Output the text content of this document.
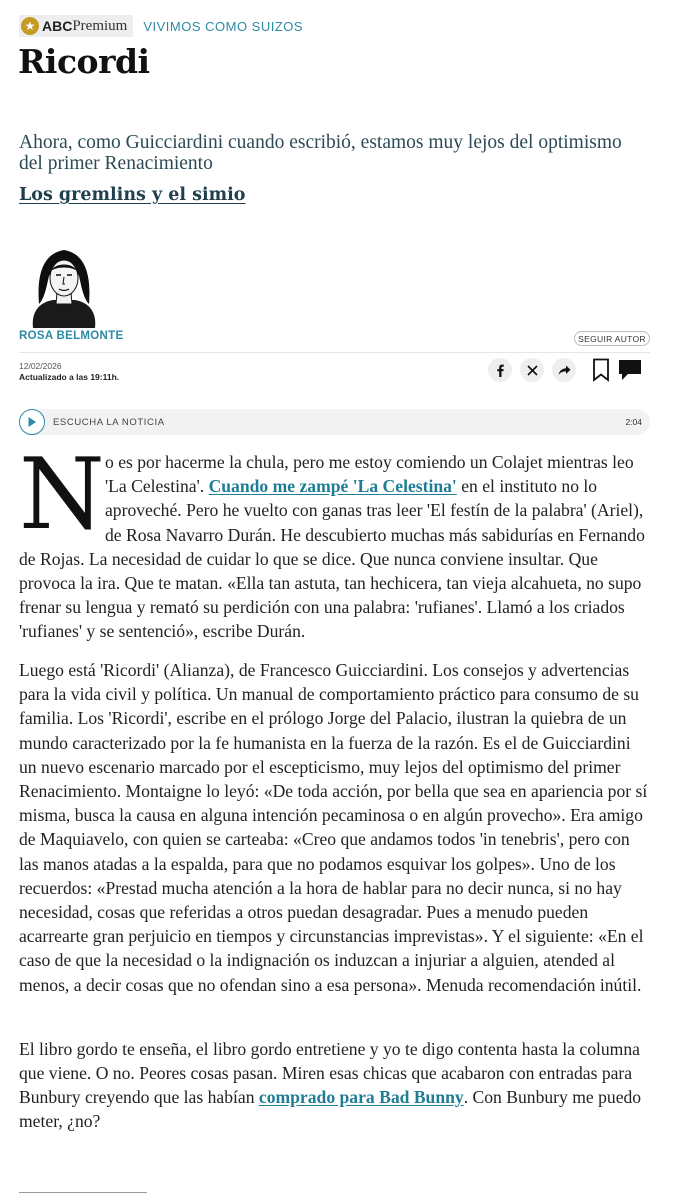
★ ABC Premium VIVIMOS COMO SUIZOS
Ricordi

Ahora, como Guicciardini cuando escribió, estamos muy lejos del optimismo del primer Renacimiento

Los gremlins y el simio
ROSA BELMONTE	SEGUIR AUTOR
12/02/2026
Actualizado a las 19:11h.
ESCUCHA LA NOTICIA	2:04

No es por hacerme la chula, pero me estoy comiendo un Colajet mientras leo 'La Celestina'. Cuando me zampé 'La Celestina' en el instituto no lo aproveché. Pero he vuelto con ganas tras leer 'El festín de la palabra' (Ariel), de Rosa Navarro Durán. He descubierto muchas más sabidurías en Fernando de Rojas. La necesidad de cuidar lo que se dice. Que nunca conviene insultar. Que provoca la ira. Que te matan. «Ella tan astuta, tan hechicera, tan vieja alcahueta, no supo frenar su lengua y remató su perdición con una palabra: 'rufianes'. Llamó a los criados 'rufianes' y se sentenció», escribe Durán.

Luego está 'Ricordi' (Alianza), de Francesco Guicciardini. Los consejos y advertencias para la vida civil y política. Un manual de comportamiento práctico para consumo de su familia. Los 'Ricordi', escribe en el prólogo Jorge del Palacio, ilustran la quiebra de un mundo caracterizado por la fe humanista en la fuerza de la razón. Es el de Guicciardini un nuevo escenario marcado por el escepticismo, muy lejos del optimismo del primer Renacimiento. Montaigne lo leyó: «De toda acción, por bella que sea en apariencia por sí misma, busca la causa en alguna intención pecaminosa o en algún provecho». Era amigo de Maquiavelo, con quien se carteaba: «Creo que andamos todos 'in tenebris', pero con las manos atadas a la espalda, para que no podamos esquivar los golpes». Uno de los recuerdos: «Prestad mucha atención a la hora de hablar para no decir nunca, si no hay necesidad, cosas que referidas a otros puedan desagradar. Pues a menudo pueden acarrearte gran perjuicio en tiempos y circunstancias imprevistas». Y el siguiente: «En el caso de que la necesidad o la indignación os induzcan a injuriar a alguien, atended al menos, a decir cosas que no ofendan sino a esa persona». Menuda recomendación inútil.

El libro gordo te enseña, el libro gordo entretiene y yo te digo contenta hasta la columna que viene. O no. Peores cosas pasan. Miren esas chicas que acabaron con entradas para Bunbury creyendo que las habían comprado para Bad Bunny. Con Bunbury me puedo meter, ¿no?
